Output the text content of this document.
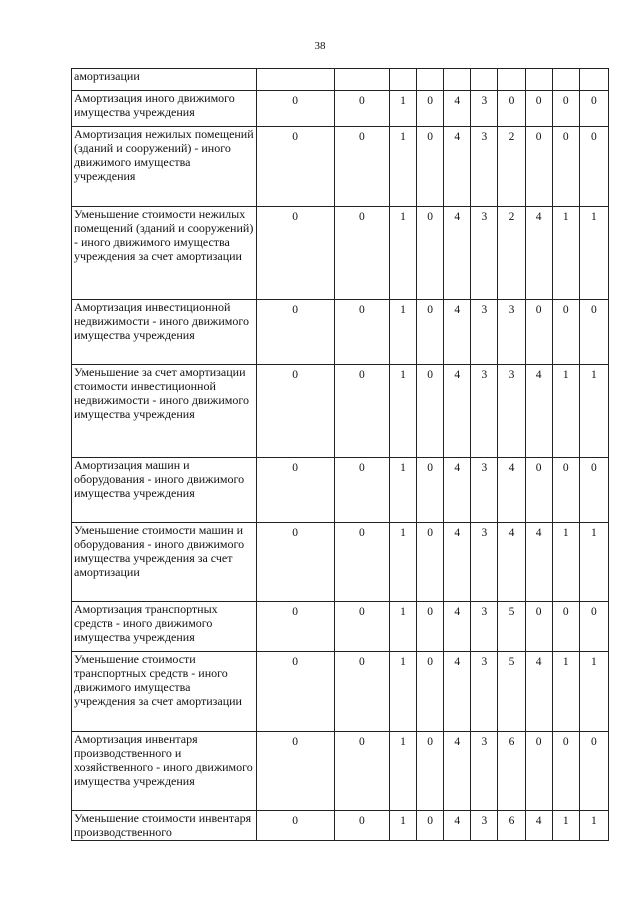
38
амортизации										
Амортизация иного движимого имущества учреждения	0	0	1	0	4	3	0	0	0	0
Амортизация нежилых помещений (зданий и сооружений) - иного движимого имущества учреждения	0	0	1	0	4	3	2	0	0	0
Уменьшение стоимости нежилых помещений (зданий и сооружений) - иного движимого имущества учреждения за счет амортизации	0	0	1	0	4	3	2	4	1	1
Амортизация инвестиционной недвижимости - иного движимого имущества учреждения	0	0	1	0	4	3	3	0	0	0
Уменьшение за счет амортизации стоимости инвестиционной недвижимости - иного движимого имущества учреждения	0	0	1	0	4	3	3	4	1	1
Амортизация машин и оборудования - иного движимого имущества учреждения	0	0	1	0	4	3	4	0	0	0
Уменьшение стоимости машин и оборудования - иного движимого имущества учреждения за счет амортизации	0	0	1	0	4	3	4	4	1	1
Амортизация транспортных средств - иного движимого имущества учреждения	0	0	1	0	4	3	5	0	0	0
Уменьшение стоимости транспортных средств - иного движимого имущества учреждения за счет амортизации	0	0	1	0	4	3	5	4	1	1
Амортизация инвентаря производственного и хозяйственного - иного движимого имущества учреждения	0	0	1	0	4	3	6	0	0	0
Уменьшение стоимости инвентаря производственного	0	0	1	0	4	3	6	4	1	1
